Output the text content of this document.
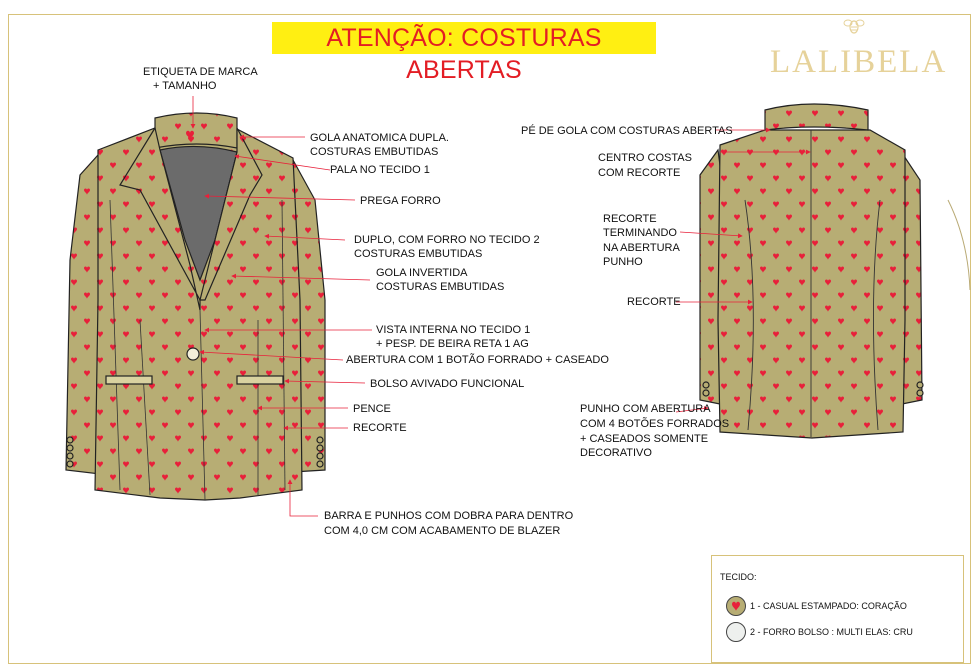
ATENÇÃO: COSTURAS ABERTAS	LALIBELA
ETIQUETA DE MARCA
+ TAMANHO
GOLA ANATOMICA DUPLA.
COSTURAS EMBUTIDAS
PALA NO TECIDO 1
PREGA FORRO
DUPLO, COM FORRO NO TECIDO 2
COSTURAS EMBUTIDAS
GOLA INVERTIDA
COSTURAS EMBUTIDAS
VISTA INTERNA NO TECIDO 1
+ PESP. DE BEIRA RETA 1 AG
ABERTURA COM 1 BOTÃO FORRADO + CASEADO
BOLSO AVIVADO FUNCIONAL
PENCE
RECORTE
BARRA E PUNHOS COM DOBRA PARA DENTRO
COM 4,0 CM COM ACABAMENTO DE BLAZER
PÉ DE GOLA COM COSTURAS ABERTAS
CENTRO COSTAS
COM RECORTE
RECORTE
TERMINANDO
NA ABERTURA
PUNHO
RECORTE
PUNHO COM ABERTURA
COM 4 BOTÕES FORRADOS
+ CASEADOS SOMENTE
DECORATIVO
TECIDO:
1 - CASUAL ESTAMPADO: CORAÇÃO
2 - FORRO BOLSO : MULTI ELAS: CRU
